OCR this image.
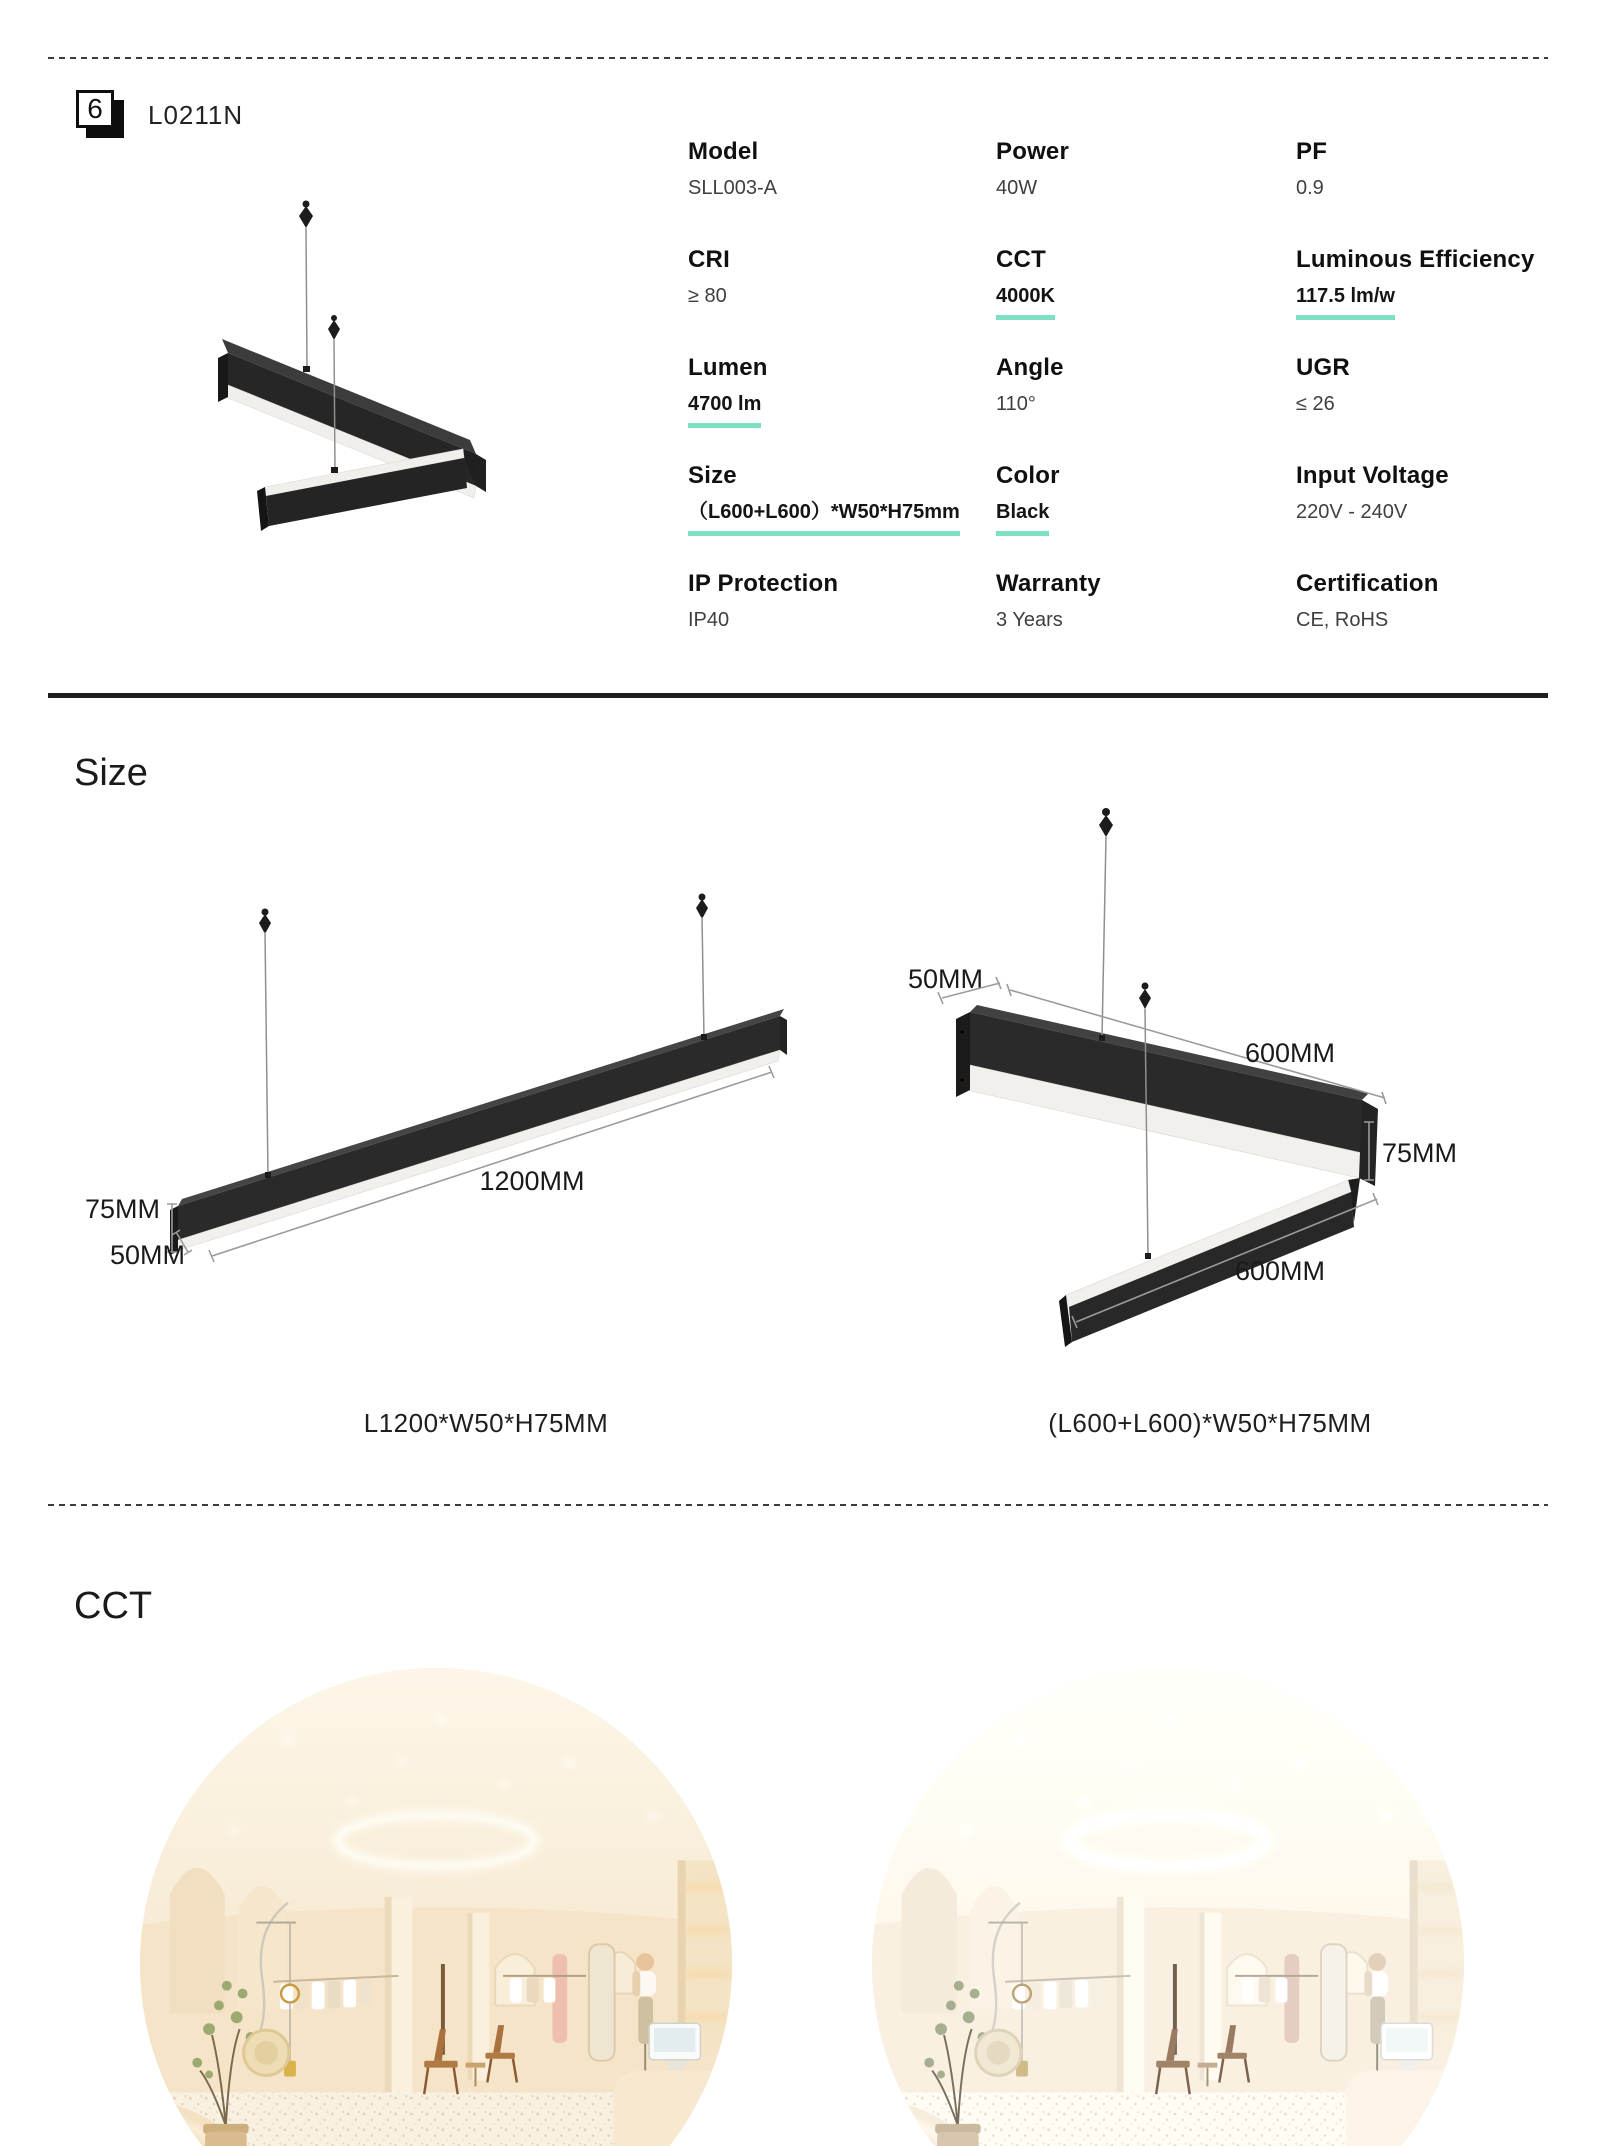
6	L0211N
Model
SLL003-A
Power
40W
PF
0.9
CRI
≥ 80
CCT
4000K
Luminous Efficiency
117.5 lm/w
Lumen
4700 lm
Angle
110°
UGR
≤ 26
Size
（L600+L600）*W50*H75mm
Color
Black
Input Voltage
220V - 240V
IP Protection
IP40
Warranty
3 Years
Certification
CE, RoHS
Size
75MM
50MM
1200MM
L1200*W50*H75MM
50MM
600MM
75MM
600MM
(L600+L600)*W50*H75MM
CCT
